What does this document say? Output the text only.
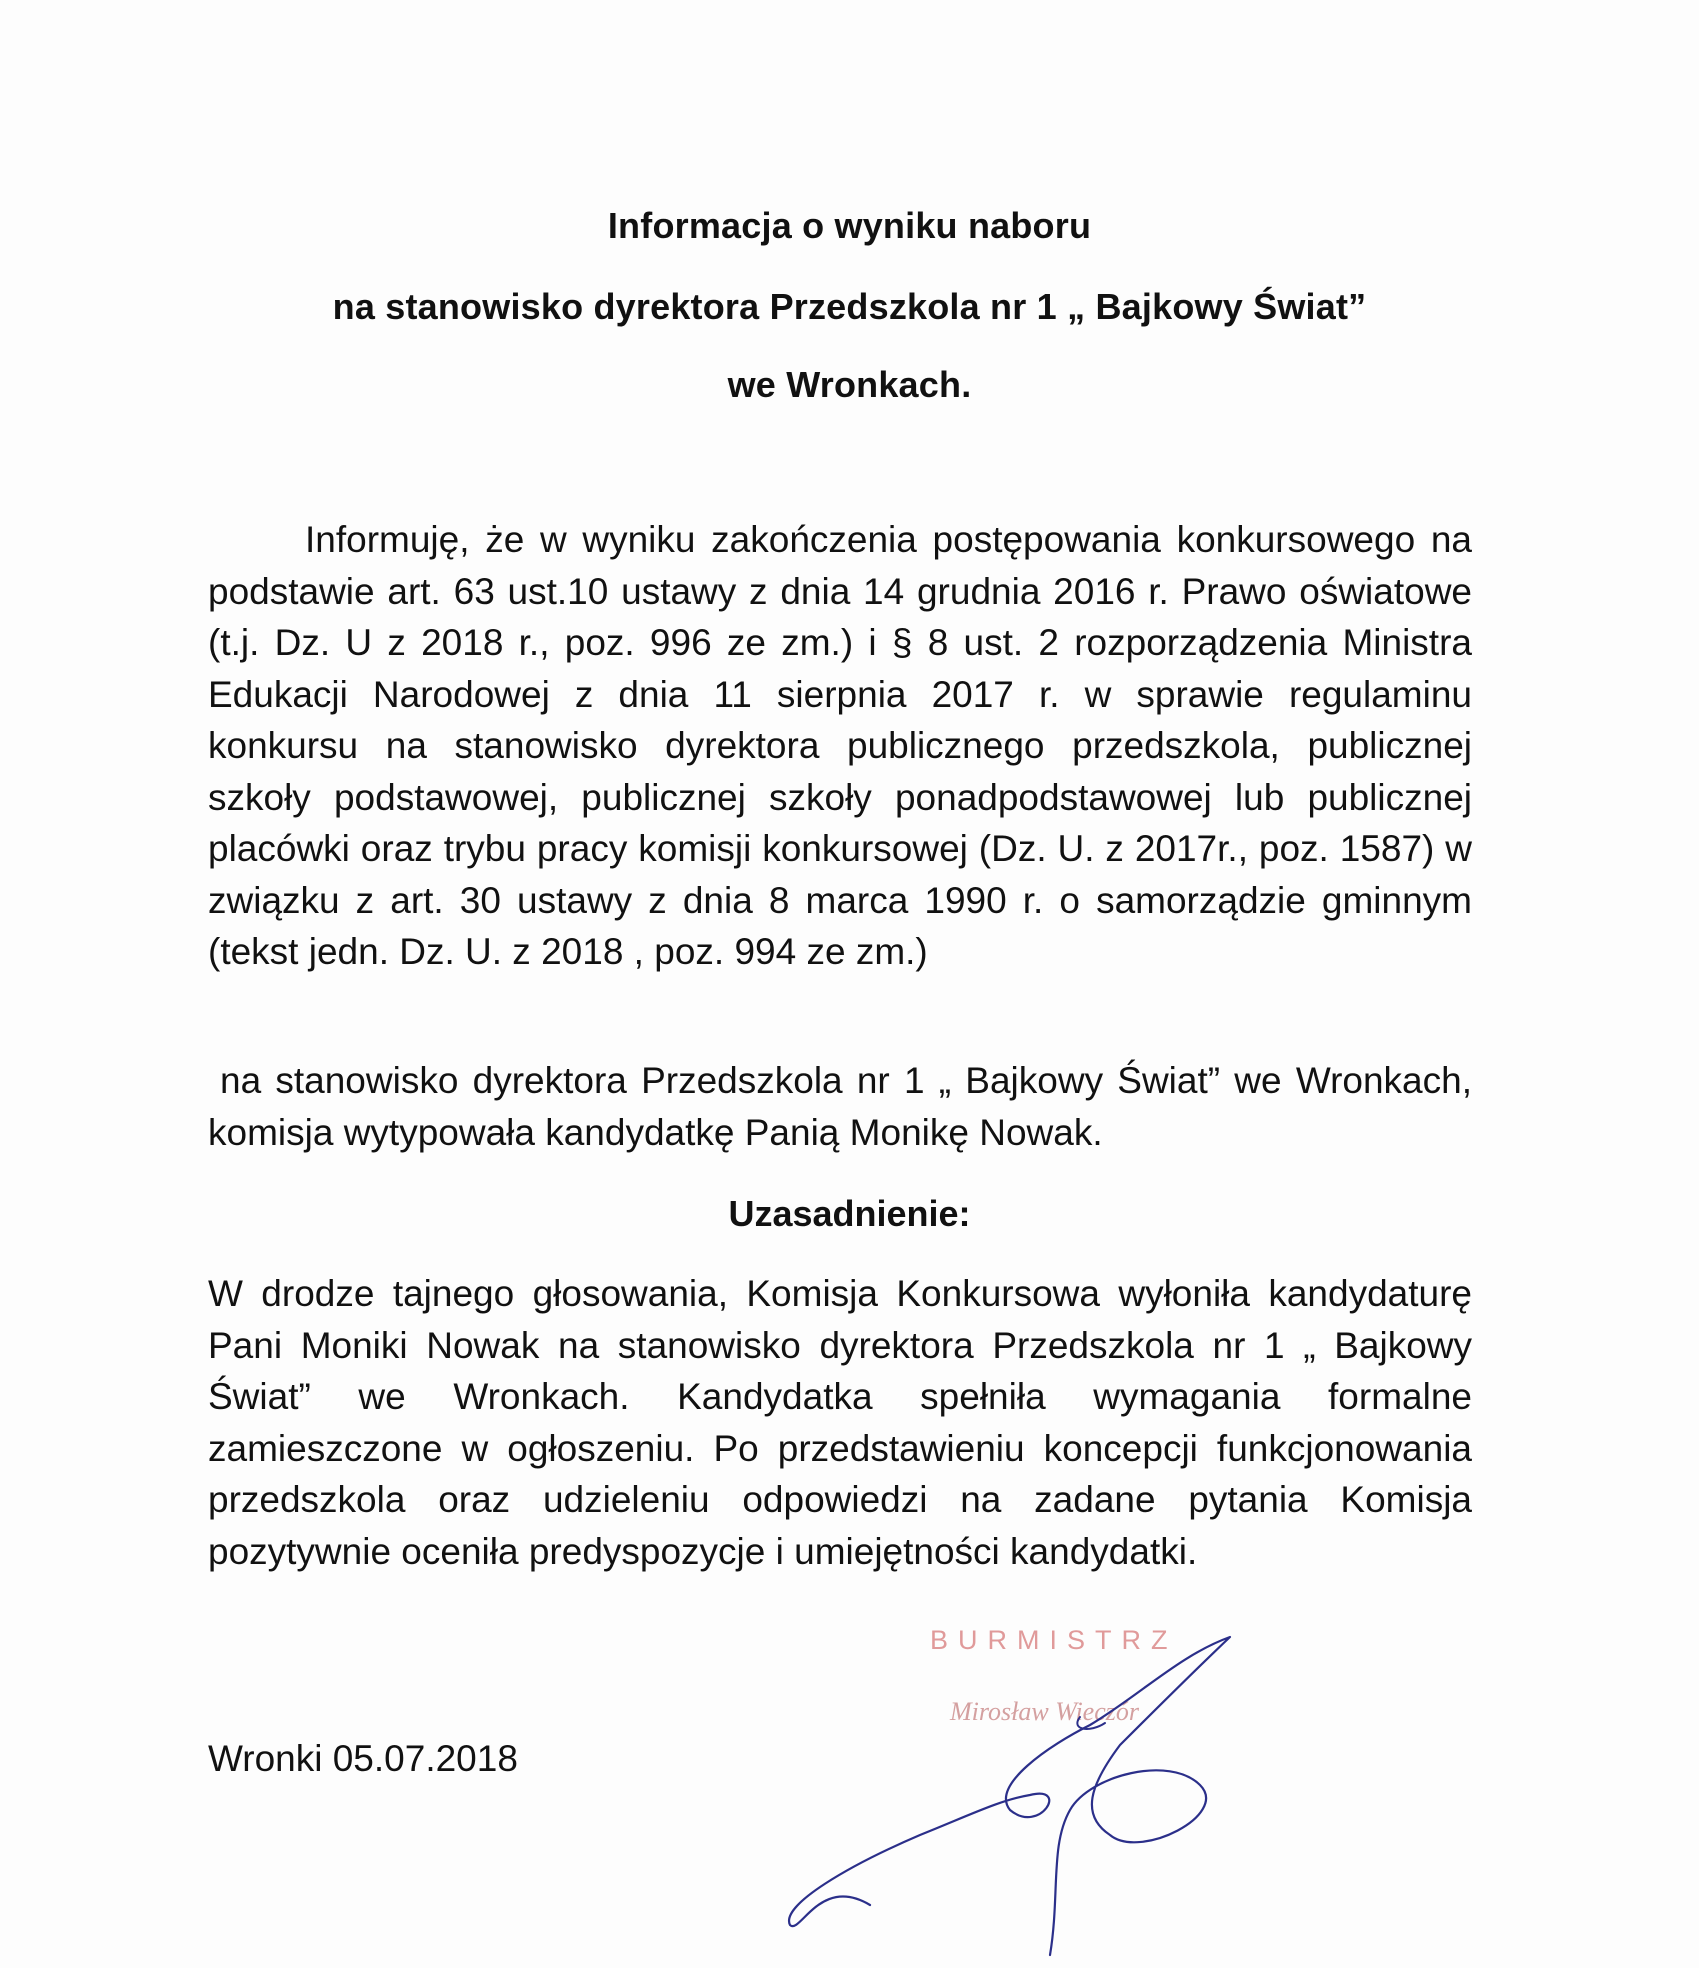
Informacja o wyniku naboru
na stanowisko dyrektora Przedszkola nr 1 „ Bajkowy Świat”
we Wronkach.
Informuję, że w wyniku zakończenia postępowania konkursowego na podstawie art. 63 ust.10 ustawy z dnia 14 grudnia 2016 r. Prawo oświatowe (t.j. Dz. U z 2018 r., poz. 996 ze zm.) i § 8 ust. 2 rozporządzenia Ministra Edukacji Narodowej z dnia 11 sierpnia 2017 r. w sprawie regulaminu konkursu na stanowisko dyrektora publicznego przedszkola, publicznej szkoły podstawowej, publicznej szkoły ponadpodstawowej lub publicznej placówki oraz trybu pracy komisji konkursowej (Dz. U. z 2017r., poz. 1587) w związku z art. 30 ustawy z dnia 8 marca 1990 r. o samorządzie gminnym (tekst jedn. Dz. U. z 2018 , poz. 994 ze zm.)
na stanowisko dyrektora Przedszkola nr 1 „ Bajkowy Świat” we Wronkach, komisja wytypowała kandydatkę Panią Monikę Nowak.
Uzasadnienie:
W drodze tajnego głosowania, Komisja Konkursowa wyłoniła kandydaturę Pani Moniki Nowak na stanowisko dyrektora Przedszkola nr 1 „ Bajkowy Świat” we Wronkach. Kandydatka spełniła wymagania formalne zamieszczone w ogłoszeniu. Po przedstawieniu koncepcji funkcjonowania przedszkola oraz udzieleniu odpowiedzi na zadane pytania Komisja pozytywnie oceniła predyspozycje i umiejętności kandydatki.
Wronki 05.07.2018
BURMISTRZ
Mirosław Wieczór
